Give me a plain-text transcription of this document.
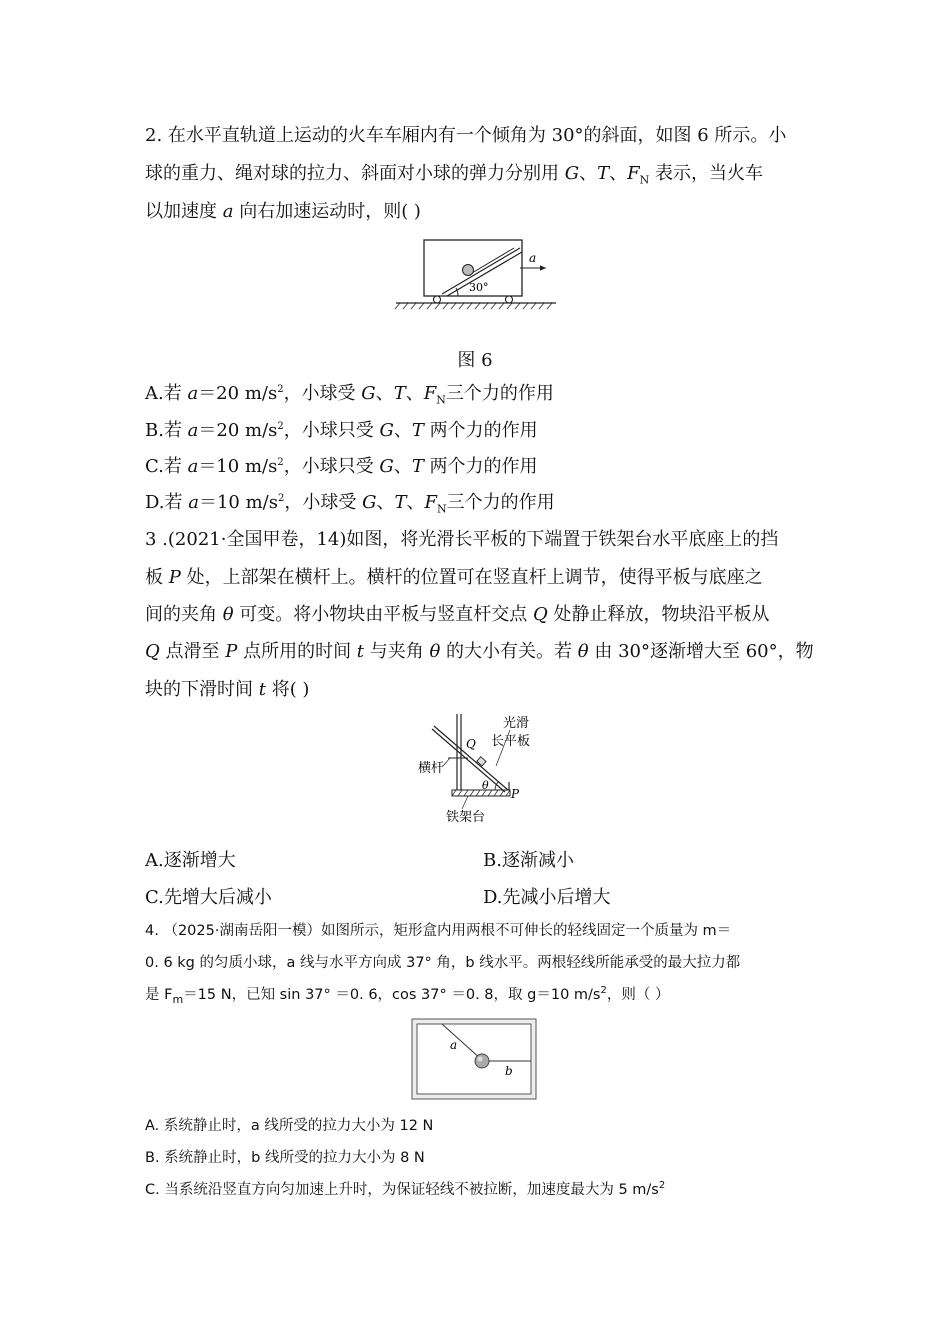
2. 在水平直轨道上运动的火车车厢内有一个倾角为 30°的斜面，如图 6 所示。小
球的重力、绳对球的拉力、斜面对小球的弹力分别用 G、T、$F_N$ 表示，当火车
以加速度 a 向右加速运动时，则( )
30°
a
图 6
A.若 a＝20 $m/s^2$，小球受 G、T、$F_N$三个力的作用
B.若 a＝20 $m/s^2$，小球只受 G、T 两个力的作用
C.若 a＝10 $m/s^2$，小球只受 G、T 两个力的作用
D.若 a＝10 $m/s^2$，小球受 G、T、$F_N$三个力的作用
3 .(2021·全国甲卷，14)如图，将光滑长平板的下端置于铁架台水平底座上的挡
板 P 处，上部架在横杆上。横杆的位置可在竖直杆上调节，使得平板与底座之
间的夹角 θ 可变。将小物块由平板与竖直杆交点 Q 处静止释放，物块沿平板从
Q 点滑至 P 点所用的时间 t 与夹角 θ 的大小有关。若 θ 由 30°逐渐增大至 60°，物
块的下滑时间 t 将( )
θ
Q
P
光滑
长平板
横杆
铁架台
A.逐渐增大	B.逐渐减小
C.先增大后减小	D.先减小后增大
4. （2025·湖南岳阳一模）如图所示，矩形盒内用两根不可伸长的轻线固定一个质量为 m＝
0. 6 kg 的匀质小球，a 线与水平方向成 37° 角，b 线水平。两根轻线所能承受的最大拉力都
是 $F_m=15$ N，已知 sin 37° ＝0. 6，cos 37° ＝0. 8，取 g＝10 $m/s^2$，则（ ）
a
b
A. 系统静止时，a 线所受的拉力大小为 12 N
B. 系统静止时，b 线所受的拉力大小为 8 N
C. 当系统沿竖直方向匀加速上升时，为保证轻线不被拉断，加速度最大为 5 $m/s^2$
